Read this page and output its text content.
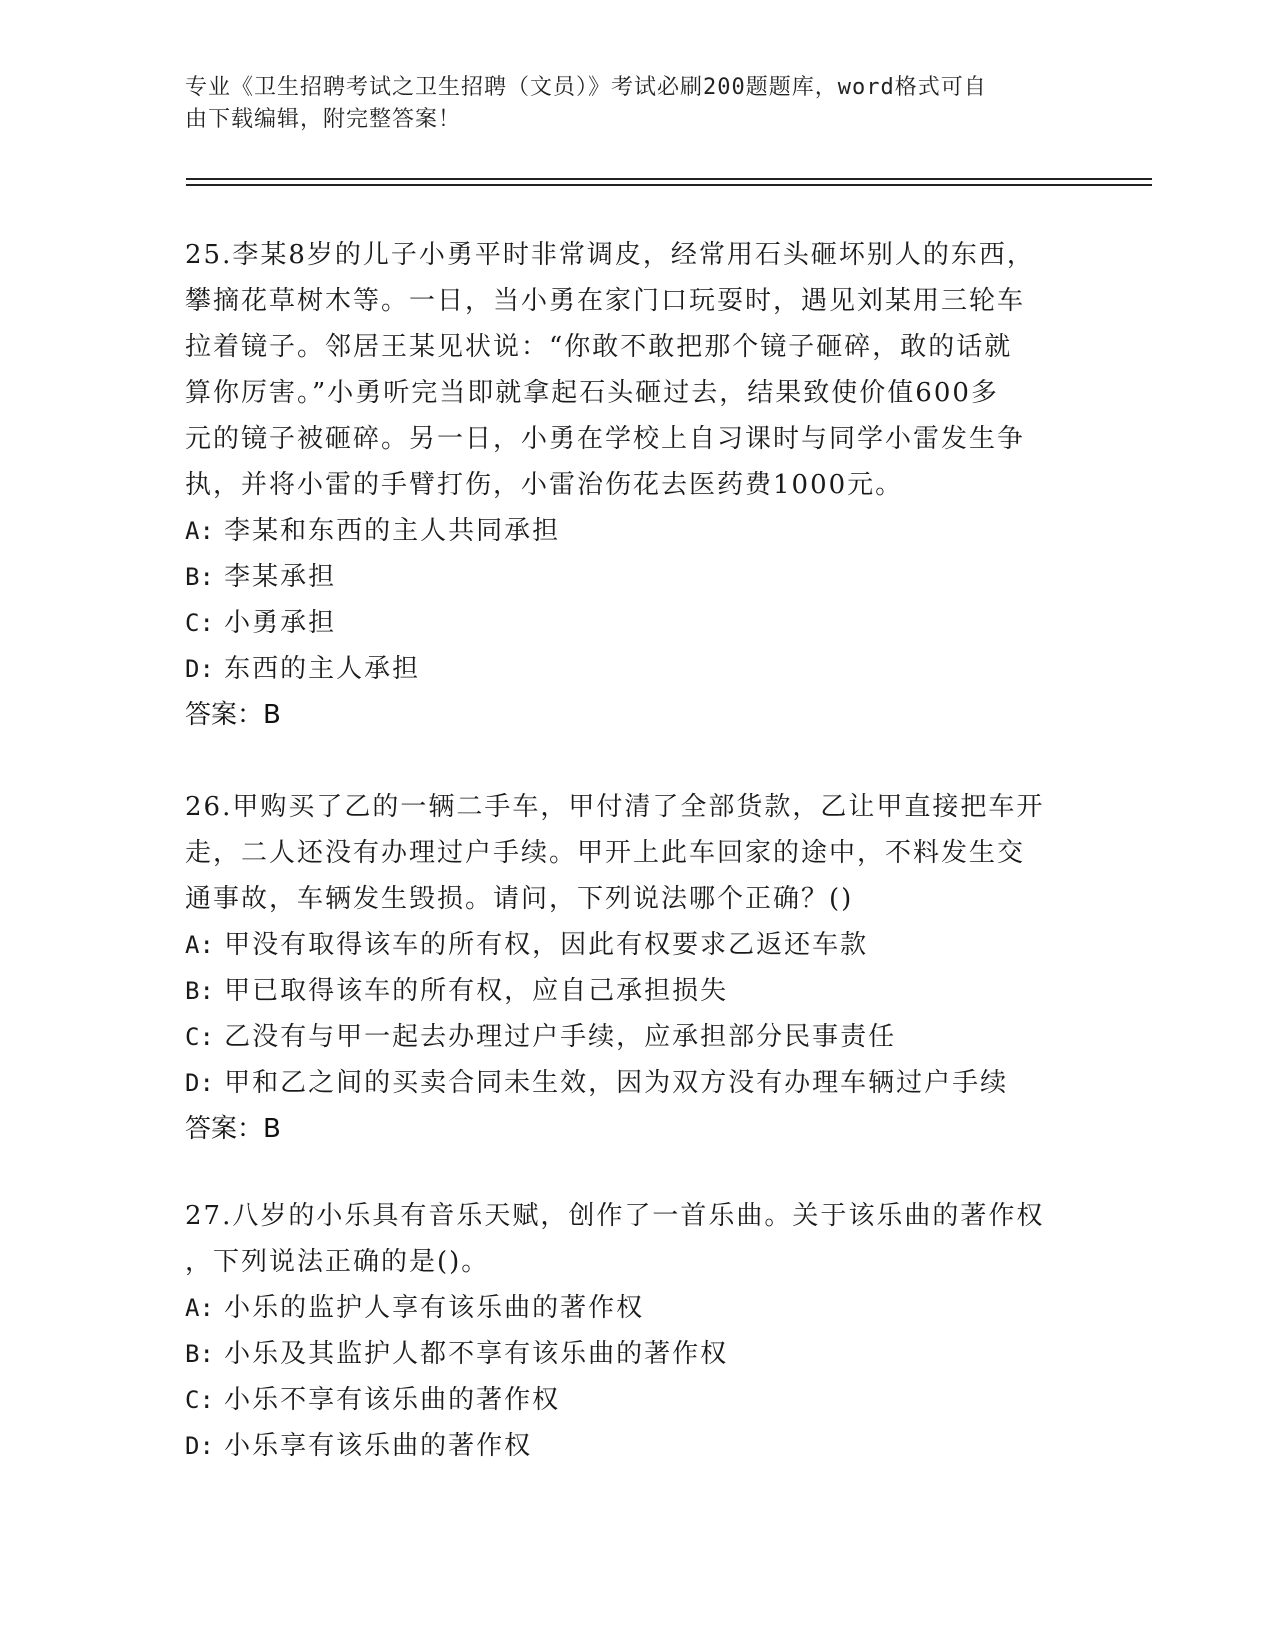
专业《卫生招聘考试之卫生招聘（文员）》考试必刷200题题库，word格式可自
由下载编辑，附完整答案！

25.李某8岁的儿子小勇平时非常调皮，经常用石头砸坏别人的东西，
攀摘花草树木等。一日，当小勇在家门口玩耍时，遇见刘某用三轮车
拉着镜子。邻居王某见状说：“你敢不敢把那个镜子砸碎，敢的话就
算你厉害。”小勇听完当即就拿起石头砸过去，结果致使价值600多
元的镜子被砸碎。另一日，小勇在学校上自习课时与同学小雷发生争
执，并将小雷的手臂打伤，小雷治伤花去医药费1000元。

A: 李某和东西的主人共同承担

B: 李某承担

C: 小勇承担

D: 东西的主人承担

答案：B

26.甲购买了乙的一辆二手车，甲付清了全部货款，乙让甲直接把车开
走，二人还没有办理过户手续。甲开上此车回家的途中，不料发生交
通事故，车辆发生毁损。请问，下列说法哪个正确？()

A: 甲没有取得该车的所有权，因此有权要求乙返还车款

B: 甲已取得该车的所有权，应自己承担损失

C: 乙没有与甲一起去办理过户手续，应承担部分民事责任

D: 甲和乙之间的买卖合同未生效，因为双方没有办理车辆过户手续

答案：B

27.八岁的小乐具有音乐天赋，创作了一首乐曲。关于该乐曲的著作权
，下列说法正确的是()。

A: 小乐的监护人享有该乐曲的著作权

B: 小乐及其监护人都不享有该乐曲的著作权

C: 小乐不享有该乐曲的著作权

D: 小乐享有该乐曲的著作权
